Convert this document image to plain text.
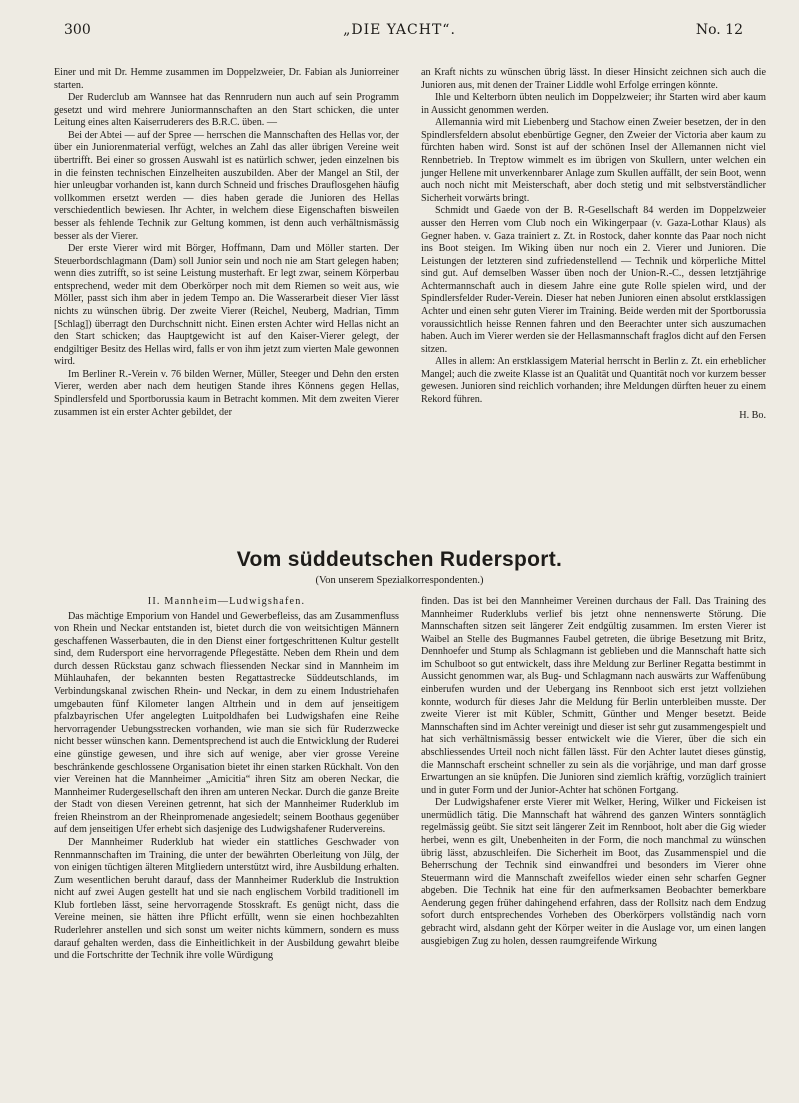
300	„DIE YACHT“.	No. 12

Einer und mit Dr. Hemme zusammen im Doppelzweier, Dr. Fabian als Juniorreiner starten.

Der Ruderclub am Wannsee hat das Rennrudern nun auch auf sein Programm gesetzt und wird mehrere Juniormannschaften an den Start schicken, die unter Leitung eines alten Kaiserruderers des B.R.C. üben. —

Bei der Abtei — auf der Spree — herrschen die Mannschaften des Hellas vor, der über ein Juniorenmaterial verfügt, welches an Zahl das aller übrigen Vereine weit übertrifft. Bei einer so grossen Auswahl ist es natürlich schwer, jeden einzelnen bis in die feinsten technischen Einzelheiten auszubilden. Aber der Mangel an Stil, der hier unleugbar vorhanden ist, kann durch Schneid und frisches Drauflosgehen häufig vollkommen ersetzt werden — dies haben gerade die Junioren des Hellas verschiedentlich bewiesen. Ihr Achter, in welchem diese Eigenschaften bisweilen besser als fehlende Technik zur Geltung kommen, ist denn auch verhältnismässig besser als der Vierer.

Der erste Vierer wird mit Börger, Hoffmann, Dam und Möller starten. Der Steuerbordschlagmann (Dam) soll Junior sein und noch nie am Start gelegen haben; wenn dies zutrifft, so ist seine Leistung musterhaft. Er legt zwar, seinem Körperbau entsprechend, weder mit dem Oberkörper noch mit dem Riemen so weit aus, wie Möller, passt sich ihm aber in jedem Tempo an. Die Wasserarbeit dieser Vier lässt nichts zu wünschen übrig. Der zweite Vierer (Reichel, Neuberg, Madrian, Timm [Schlag]) überragt den Durchschnitt nicht. Einen ersten Achter wird Hellas nicht an den Start schicken; das Hauptgewicht ist auf den Kaiser-Vierer gelegt, der endgiltiger Besitz des Hellas wird, falls er von ihm jetzt zum vierten Male gewonnen wird.

Im Berliner R.-Verein v. 76 bilden Werner, Müller, Steeger und Dehn den ersten Vierer, werden aber nach dem heutigen Stande ihres Könnens gegen Hellas, Spindlersfeld und Sportborussia kaum in Betracht kommen. Mit dem zweiten Vierer zusammen ist ein erster Achter gebildet, der

an Kraft nichts zu wünschen übrig lässt. In dieser Hinsicht zeichnen sich auch die Junioren aus, mit denen der Trainer Liddle wohl Erfolge erringen könnte.

Ihle und Kelterborn übten neulich im Doppelzweier; ihr Starten wird aber kaum in Aussicht genommen werden.

Allemannia wird mit Liebenberg und Stachow einen Zweier besetzen, der in den Spindlersfeldern absolut ebenbürtige Gegner, den Zweier der Victoria aber kaum zu fürchten haben wird. Sonst ist auf der schönen Insel der Allemannen nicht viel Rennbetrieb. In Treptow wimmelt es im übrigen von Skullern, unter welchen ein junger Hellene mit unverkennbarer Anlage zum Skullen auffällt, der sein Boot, wenn auch noch nicht mit Meisterschaft, aber doch stetig und mit selbstverständlicher Sicherheit vorwärts bringt.

Schmidt und Gaede von der B. R-Gesellschaft 84 werden im Doppelzweier ausser den Herren vom Club noch ein Wikingerpaar (v. Gaza-Lothar Klaus) als Gegner haben. v. Gaza trainiert z. Zt. in Rostock, daher konnte das Paar noch nicht ins Boot steigen. Im Wiking üben nur noch ein 2. Vierer und Junioren. Die Leistungen der letzteren sind zufriedenstellend — Technik und körperliche Mittel sind gut. Auf demselben Wasser üben noch der Union-R.-C., dessen letztjährige Achtermannschaft auch in diesem Jahre eine gute Rolle spielen wird, und der Spindlersfelder Ruder-Verein. Dieser hat neben Junioren einen absolut erstklassigen Achter und einen sehr guten Vierer im Training. Beide werden mit der Sportborussia voraussichtlich heisse Rennen fahren und den Beerachter unter sich auszumachen haben. Auch im Vierer werden sie der Hellasmannschaft fraglos dicht auf den Fersen sitzen.

Alles in allem: An erstklassigem Material herrscht in Berlin z. Zt. ein erheblicher Mangel; auch die zweite Klasse ist an Qualität und Quantität noch vor kurzem besser gewesen. Junioren sind reichlich vorhanden; ihre Meldungen dürften heuer zu einem Rekord führen.

H. Bo.

Vom süddeutschen Rudersport.
(Von unserem Spezialkorrespondenten.)

II. Mannheim—Ludwigshafen.

Das mächtige Emporium von Handel und Gewerbefleiss, das am Zusammenfluss von Rhein und Neckar entstanden ist, bietet durch die von weitsichtigen Männern geschaffenen Wasserbauten, die in den Dienst einer fortgeschrittenen Kultur gestellt sind, dem Rudersport eine hervorragende Pflegestätte. Neben dem Rhein und dem durch dessen Rückstau ganz schwach fliessenden Neckar sind in Mannheim im Mühlauhafen, der bekannten besten Regattastrecke Süddeutschlands, im Verbindungskanal zwischen Rhein- und Neckar, in dem zu einem Industriehafen umgebauten fünf Kilometer langen Altrhein und in dem auf jenseitigem pfalzbayrischen Ufer angelegten Luitpoldhafen bei Ludwigshafen eine Reihe hervorragender Uebungsstrecken vorhanden, wie man sie sich für Ruderzwecke nicht besser wünschen kann. Dementsprechend ist auch die Entwicklung der Ruderei eine günstige gewesen, und ihre sich auf wenige, aber vier grosse Vereine beschränkende geschlossene Organisation bietet ihr einen starken Rückhalt. Von den vier Vereinen hat die Mannheimer „Amicitia“ ihren Sitz am oberen Neckar, die Mannheimer Rudergesellschaft den ihren am unteren Neckar. Durch die ganze Breite der Stadt von diesen Vereinen getrennt, hat sich der Mannheimer Ruderklub im freien Rheinstrom an der Rheinpromenade angesiedelt; seinem Boothaus gegenüber auf dem jenseitigen Ufer erhebt sich dasjenige des Ludwigshafener Rudervereins.

Der Mannheimer Ruderklub hat wieder ein stattliches Geschwader von Rennmannschaften im Training, die unter der bewährten Oberleitung von Jülg, der von einigen tüchtigen älteren Mitgliedern unterstützt wird, ihre Ausbildung erhalten. Zum wesentlichen beruht darauf, dass der Mannheimer Ruderklub die Instruktion nicht auf zwei Augen gestellt hat und sie nach englischem Vorbild traditionell im Klub fortleben lässt, seine hervorragende Stosskraft. Es genügt nicht, dass die Vereine meinen, sie hätten ihre Pflicht erfüllt, wenn sie einen hochbezahlten Ruderlehrer anstellen und sich sonst um weiter nichts kümmern, sondern es muss darauf gehalten werden, dass die Einheitlichkeit in der Ausbildung gewahrt bleibe und die Fortschritte der Technik ihre volle Würdigung

finden. Das ist bei den Mannheimer Vereinen durchaus der Fall. Das Training des Mannheimer Ruderklubs verlief bis jetzt ohne nennenswerte Störung. Die Mannschaften sitzen seit längerer Zeit endgültig zusammen. Im ersten Vierer ist Waibel an Stelle des Bugmannes Faubel getreten, die übrige Besetzung mit Britz, Dennhoefer und Stump als Schlagmann ist geblieben und die Mannschaft hatte sich im Schulboot so gut entwickelt, dass ihre Meldung zur Berliner Regatta bestimmt in Aussicht genommen war, als Bug- und Schlagmann nach auswärts zur Waffenübung einberufen wurden und der Uebergang ins Rennboot sich erst jetzt vollziehen konnte, wodurch für dieses Jahr die Meldung für Berlin unterbleiben musste. Der zweite Vierer ist mit Kübler, Schmitt, Günther und Menger besetzt. Beide Mannschaften sind im Achter vereinigt und dieser ist sehr gut zusammengespielt und hat sich verhältnismässig besser entwickelt wie die Vierer, über die sich ein abschliessendes Urteil noch nicht fällen lässt. Für den Achter lautet dieses günstig, die Mannschaft erscheint schneller zu sein als die vorjährige, und man darf grosse Erwartungen an sie knüpfen. Die Junioren sind ziemlich kräftig, vorzüglich trainiert und in guter Form und der Junior-Achter hat schönen Fortgang.

Der Ludwigshafener erste Vierer mit Welker, Hering, Wilker und Fickeisen ist unermüdlich tätig. Die Mannschaft hat während des ganzen Winters sonntäglich regelmässig geübt. Sie sitzt seit längerer Zeit im Rennboot, holt aber die Gig wieder herbei, wenn es gilt, Unebenheiten in der Form, die noch manchmal zu wünschen übrig lässt, abzuschleifen. Die Sicherheit im Boot, das Zusammenspiel und die Beherrschung der Technik sind einwandfrei und besonders im Vierer ohne Steuermann wird die Mannschaft zweifellos wieder einen sehr scharfen Gegner abgeben. Die Technik hat eine für den aufmerksamen Beobachter bemerkbare Aenderung gegen früher dahingehend erfahren, dass der Rollsitz nach dem Endzug sofort durch entsprechendes Vorheben des Oberkörpers vollständig nach vorn gebracht wird, alsdann geht der Körper weiter in die Auslage vor, um einen langen ausgiebigen Zug zu holen, dessen raumgreifende Wirkung
